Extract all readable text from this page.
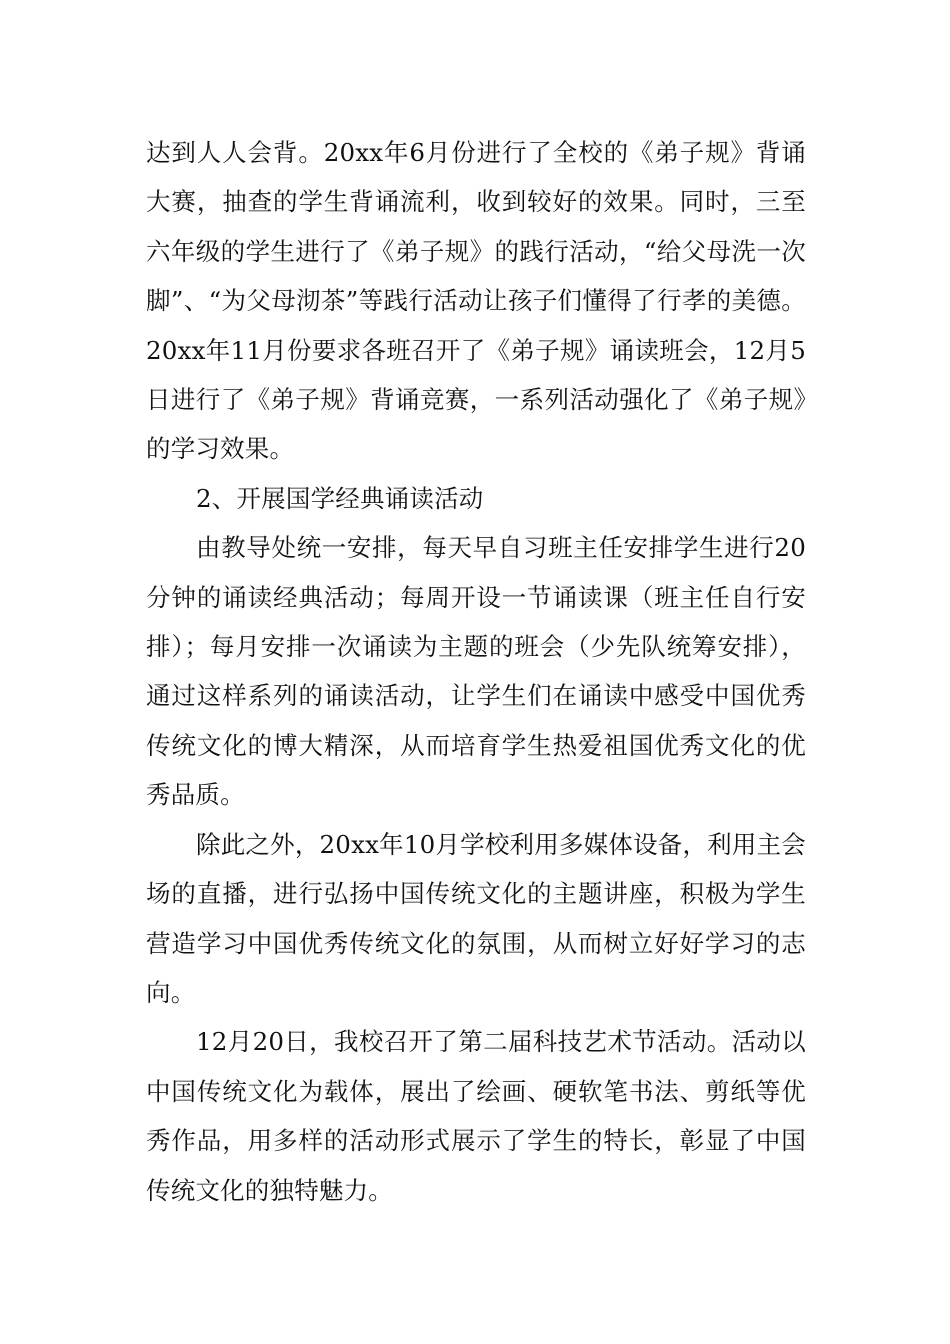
达到人人会背。20xx年6月份进行了全校的《弟子规》背诵大赛，抽查的学生背诵流利，收到较好的效果。同时，三至六年级的学生进行了《弟子规》的践行活动，“给父母洗一次脚”、“为父母沏茶”等践行活动让孩子们懂得了行孝的美德。20xx年11月份要求各班召开了《弟子规》诵读班会，12月5日进行了《弟子规》背诵竞赛，一系列活动强化了《弟子规》的学习效果。

2、开展国学经典诵读活动

由教导处统一安排，每天早自习班主任安排学生进行20分钟的诵读经典活动；每周开设一节诵读课（班主任自行安排）；每月安排一次诵读为主题的班会（少先队统筹安排），通过这样系列的诵读活动，让学生们在诵读中感受中国优秀传统文化的博大精深，从而培育学生热爱祖国优秀文化的优秀品质。

除此之外，20xx年10月学校利用多媒体设备，利用主会场的直播，进行弘扬中国传统文化的主题讲座，积极为学生营造学习中国优秀传统文化的氛围，从而树立好好学习的志向。

12月20日，我校召开了第二届科技艺术节活动。活动以中国传统文化为载体，展出了绘画、硬软笔书法、剪纸等优秀作品，用多样的活动形式展示了学生的特长，彰显了中国传统文化的独特魅力。
